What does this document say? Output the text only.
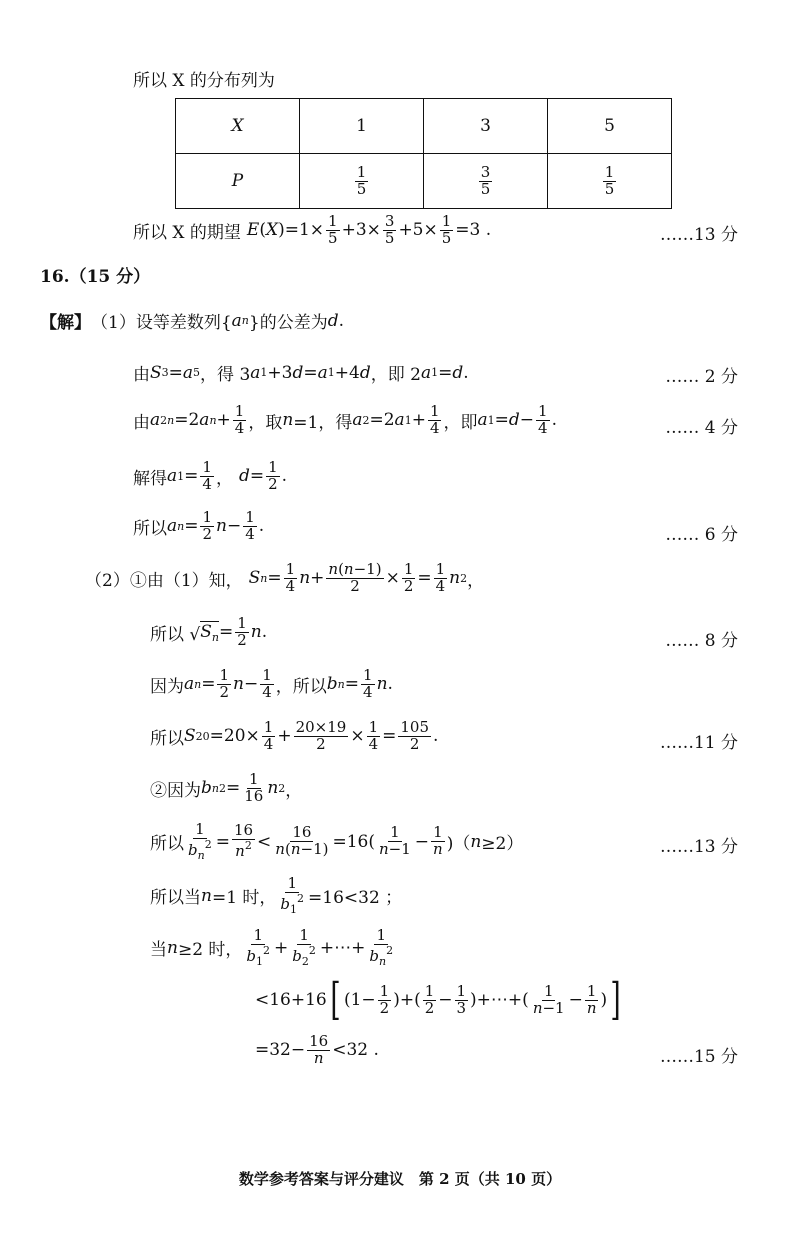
所以 X 的分布列为
X	1	3	5
P	$\frac{1}{5}$	$\frac{3}{5}$	$\frac{1}{5}$
所以 X 的期望 E ( X )$=1\times \frac{1}{5} +3\times \frac{3}{5} +5\times \frac{1}{5} =3$ .	……13 分
16.（15 分）
【解】 （1）设等差数列{ a n }的公差为 d .
由 S 3 = a 5 ，得 3 a 1 +3 d = a 1 +4 d ，即 2 a 1 = d .	…… 2 分
由 a 2n =2 a $n + \frac{1}{4}$ ，取 n =1，得 a 2 =2 a $1 + \frac{1}{4}$ ，即 a $1 = d - \frac{1}{4}$ .	…… 4 分
解得 a $1 = \frac{1}{4}$ ， $d = \frac{1}{2}$ .
所以 a $n = \frac{1}{2}$ $n - \frac{1}{4}$ .	…… 6 分
（2）①由（1）知， S $n = \frac{1}{4}$ $n + \frac{n(n-1)}{2} \times \frac{1}{2} = \frac{1}{4}$ n 2 ，
所以 √ $S_n = \frac{1}{2}$ n .	…… 8 分
因为 a $n = \frac{1}{2}$ $n - \frac{1}{4}$ ，所以 b $n = \frac{1}{4}$ n .
所以 S $20 =20\times \frac{1}{4} + \frac{20\times 19}{2} \times \frac{1}{4} = \frac{105}{2}$ .	……11 分
②因为 b n $2 = \frac{1}{16}$ n 2 ，
所以 $\frac{1}{b_n^2} = \frac{16}{n^2} < \frac{16}{n(n-1)} =16( \frac{1}{n-1} - \frac{1}{n}$ )（ n ≥2）	……13 分
所以当 n =1 时， $\frac{1}{b_1^2} =16<32$ ；
当 n ≥2 时， $\frac{1}{b_1^2} + \frac{1}{b_2^2}$ +⋯+ $\frac{1}{b_n^2}$
<16+16 [ ($1- \frac{1}{2}$ )+( $\frac{1}{2} - \frac{1}{3}$ )+⋯+( $\frac{1}{n-1} - \frac{1}{n}$ ) ]
$=32- \frac{16}{n} <32$ .	……15 分
数学参考答案与评分建议　第 2 页（共 10 页）
